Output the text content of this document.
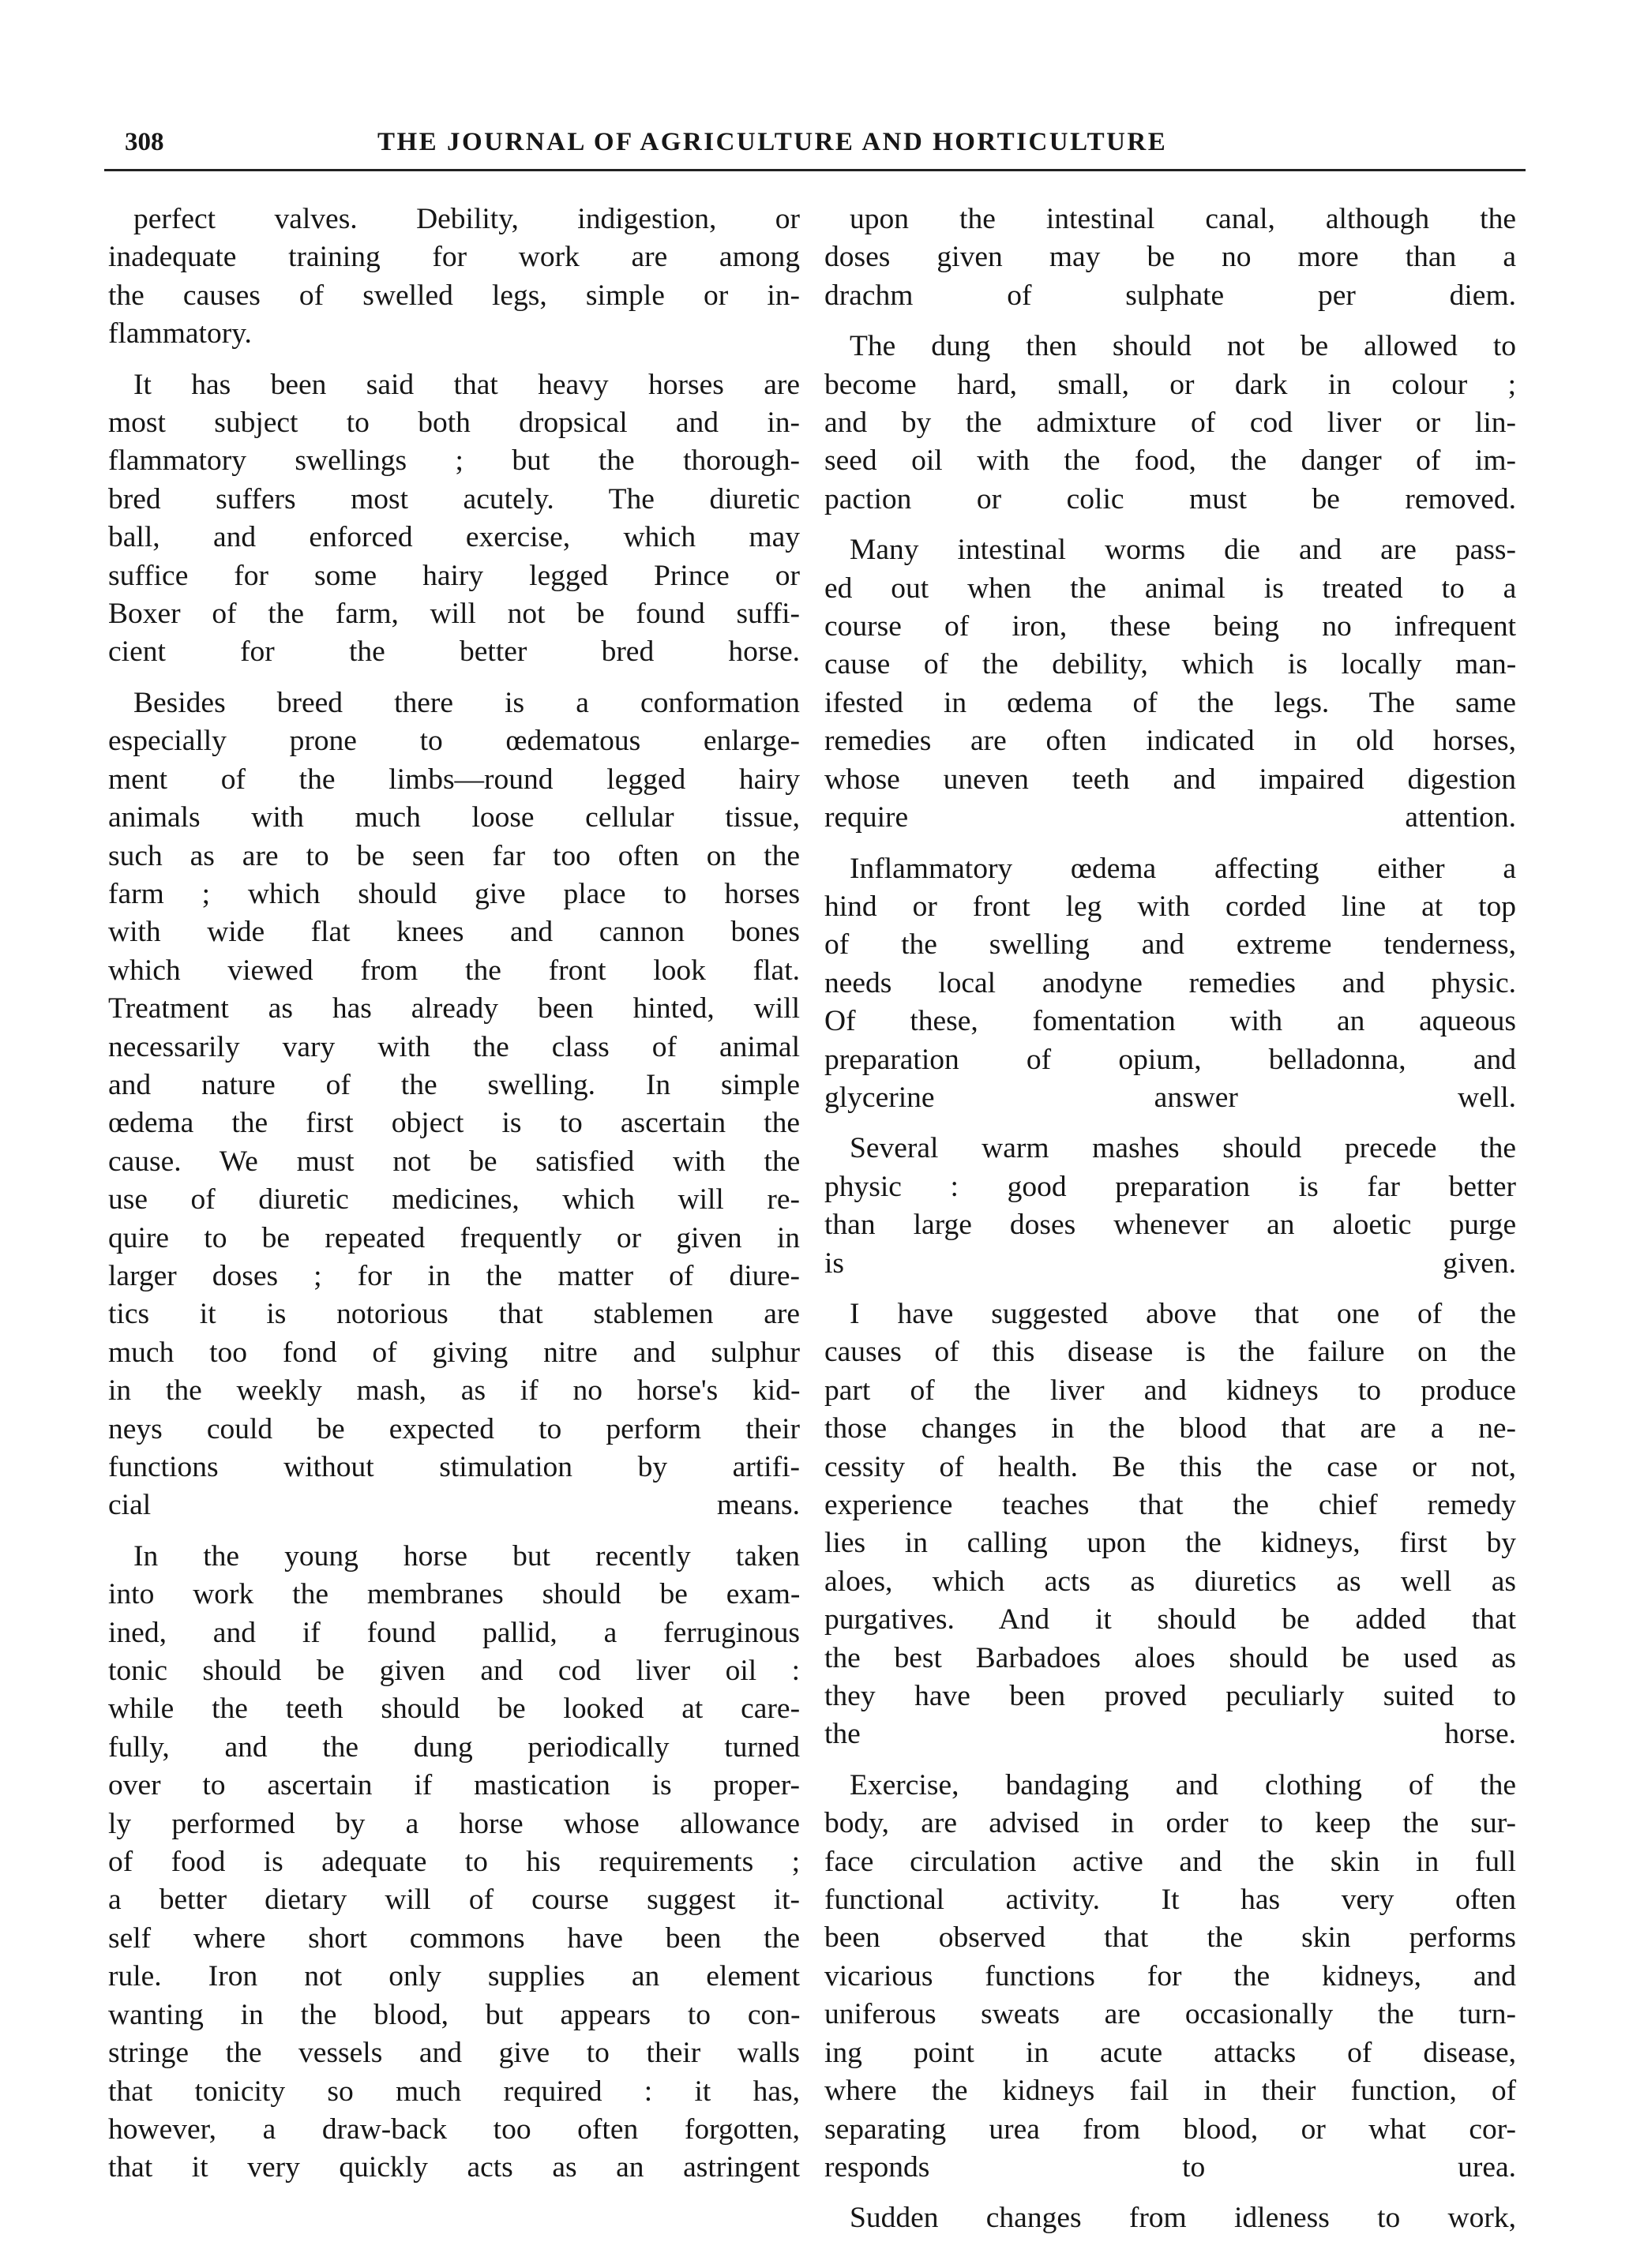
308	THE JOURNAL OF AGRICULTURE AND HORTICULTURE
perfect valves. Debility, indigestion, or
inadequate training for work are among
the causes of swelled legs, simple or in-
flammatory.
It has been said that heavy horses are
most subject to both dropsical and in-
flammatory swellings ; but the thorough-
bred suffers most acutely. The diuretic
ball, and enforced exercise, which may
suffice for some hairy legged Prince or
Boxer of the farm, will not be found suffi-
cient for the better bred horse.
Besides breed there is a conformation
especially prone to œdematous enlarge-
ment of the limbs—round legged hairy
animals with much loose cellular tissue,
such as are to be seen far too often on the
farm ; which should give place to horses
with wide flat knees and cannon bones
which viewed from the front look flat.
Treatment as has already been hinted, will
necessarily vary with the class of animal
and nature of the swelling. In simple
œdema the first object is to ascertain the
cause. We must not be satisfied with the
use of diuretic medicines, which will re-
quire to be repeated frequently or given in
larger doses ; for in the matter of diure-
tics it is notorious that stablemen are
much too fond of giving nitre and sulphur
in the weekly mash, as if no horse's kid-
neys could be expected to perform their
functions without stimulation by artifi-
cial means.
In the young horse but recently taken
into work the membranes should be exam-
ined, and if found pallid, a ferruginous
tonic should be given and cod liver oil :
while the teeth should be looked at care-
fully, and the dung periodically turned
over to ascertain if mastication is proper-
ly performed by a horse whose allowance
of food is adequate to his requirements ;
a better dietary will of course suggest it-
self where short commons have been the
rule. Iron not only supplies an element
wanting in the blood, but appears to con-
stringe the vessels and give to their walls
that tonicity so much required : it has,
however, a draw-back too often forgotten,
that it very quickly acts as an astringent
upon the intestinal canal, although the
doses given may be no more than a
drachm of sulphate per diem.
The dung then should not be allowed to
become hard, small, or dark in colour ;
and by the admixture of cod liver or lin-
seed oil with the food, the danger of im-
paction or colic must be removed.
Many intestinal worms die and are pass-
ed out when the animal is treated to a
course of iron, these being no infrequent
cause of the debility, which is locally man-
ifested in œdema of the legs. The same
remedies are often indicated in old horses,
whose uneven teeth and impaired digestion
require attention.
Inflammatory œdema affecting either a
hind or front leg with corded line at top
of the swelling and extreme tenderness,
needs local anodyne remedies and physic.
Of these, fomentation with an aqueous
preparation of opium, belladonna, and
glycerine answer well.
Several warm mashes should precede the
physic : good preparation is far better
than large doses whenever an aloetic purge
is given.
I have suggested above that one of the
causes of this disease is the failure on the
part of the liver and kidneys to produce
those changes in the blood that are a ne-
cessity of health. Be this the case or not,
experience teaches that the chief remedy
lies in calling upon the kidneys, first by
aloes, which acts as diuretics as well as
purgatives. And it should be added that
the best Barbadoes aloes should be used as
they have been proved peculiarly suited to
the horse.
Exercise, bandaging and clothing of the
body, are advised in order to keep the sur-
face circulation active and the skin in full
functional activity. It has very often
been observed that the skin performs
vicarious functions for the kidneys, and
uniferous sweats are occasionally the turn-
ing point in acute attacks of disease,
where the kidneys fail in their function, of
separating urea from blood, or what cor-
responds to urea.
Sudden changes from idleness to work,
